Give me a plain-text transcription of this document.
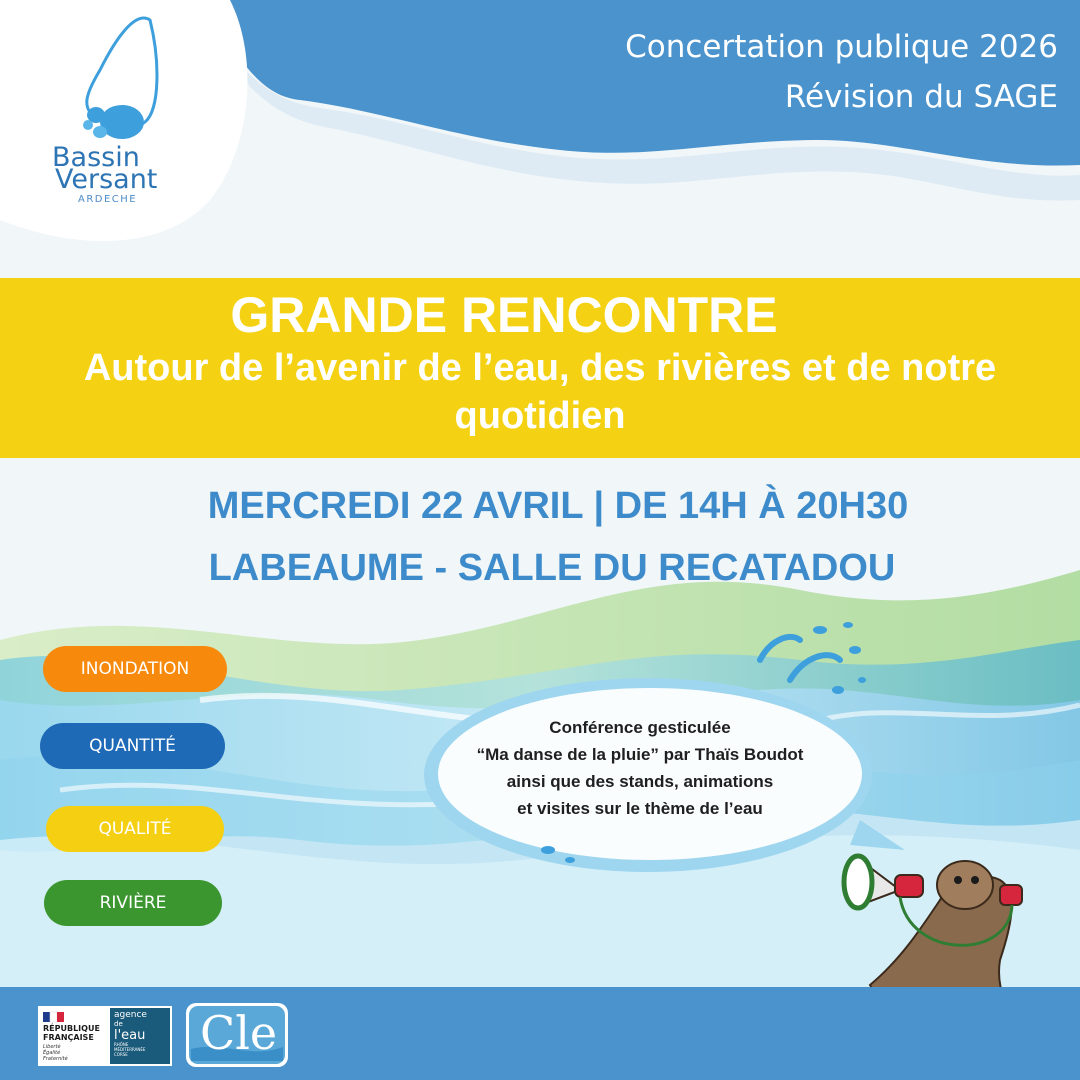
Bassin
Versant
ARDECHE
Concertation publique 2026
Révision du SAGE
GRANDE RENCONTRE
Autour de l’avenir de l’eau, des rivières et de notre quotidien
MERCREDI 22 AVRIL | DE 14H À 20H30
LABEAUME - SALLE DU RECATADOU
INONDATION
QUANTITÉ
QUALITÉ
RIVIÈRE
Conférence gesticulée
“Ma danse de la pluie” par Thaïs Boudot
ainsi que des stands, animations
et visites sur le thème de l’eau
RÉPUBLIQUE
FRANÇAISE
Liberté
Égalité
Fraternité
agence
de
l'eau
RHÔNE
MÉDITERRANÉE
CORSE	Cle
